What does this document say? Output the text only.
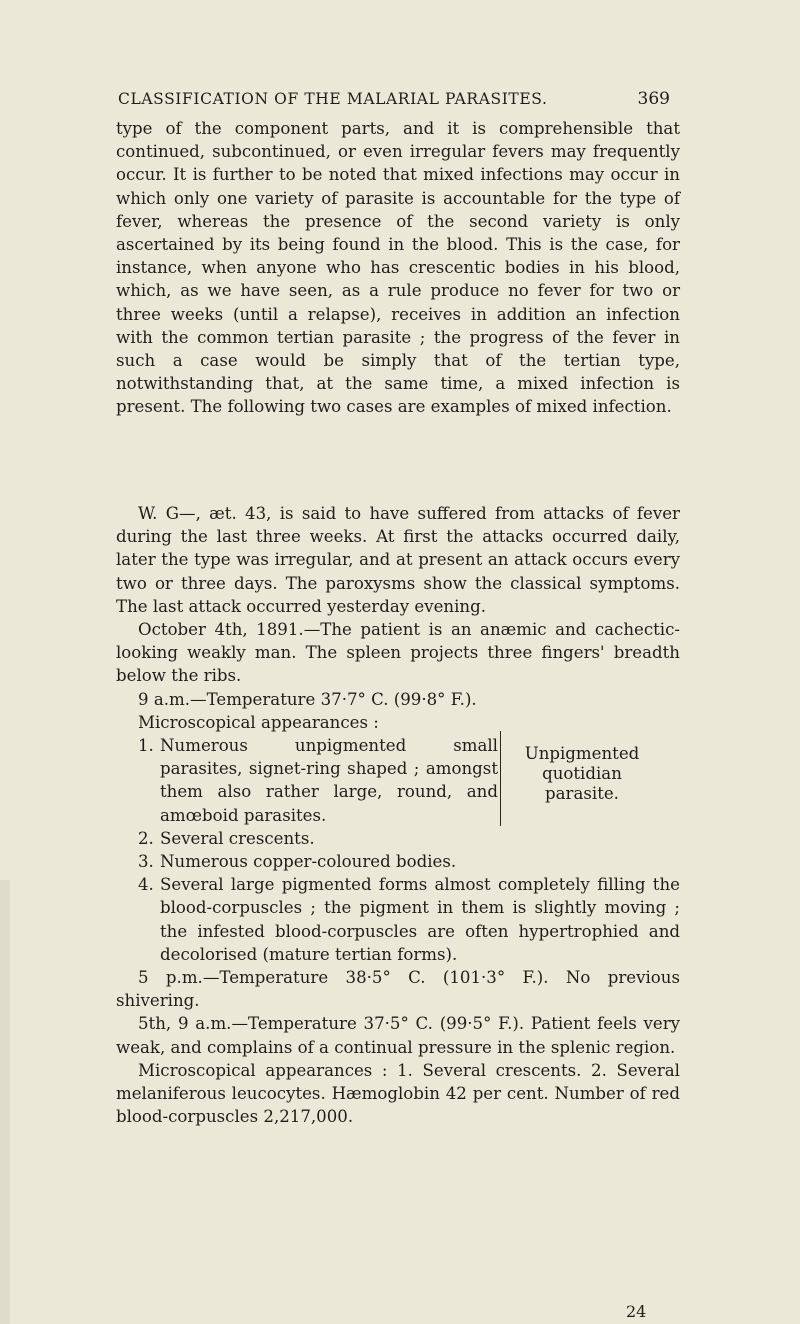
CLASSIFICATION OF THE MALARIAL PARASITES.	369

type of the component parts, and it is comprehensible that continued, subcontinued, or even irregular fevers may frequently occur. It is further to be noted that mixed infections may occur in which only one variety of parasite is accountable for the type of fever, whereas the presence of the second variety is only ascertained by its being found in the blood. This is the case, for instance, when anyone who has crescentic bodies in his blood, which, as we have seen, as a rule produce no fever for two or three weeks (until a relapse), receives in addition an infection with the common tertian parasite ; the progress of the fever in such a case would be simply that of the tertian type, notwithstanding that, at the same time, a mixed infection is present. The following two cases are examples of mixed infection.

W. G—, æt. 43, is said to have suffered from attacks of fever during the last three weeks. At first the attacks occurred daily, later the type was irregular, and at present an attack occurs every two or three days. The paroxysms show the classical symptoms. The last attack occurred yesterday evening.

October 4th, 1891.—The patient is an anæmic and cachectic-looking weakly man. The spleen projects three fingers' breadth below the ribs.

9 a.m.—Temperature 37·7° C. (99·8° F.).

Microscopical appearances :

1. Numerous unpigmented small parasites, signet-ring shaped ; amongst them also rather large, round, and amœboid parasites.
2. Several crescents.
3. Numerous copper-coloured bodies.
Unpigmented quotidian parasite.
4. Several large pigmented forms almost completely filling the blood-corpuscles ; the pigment in them is slightly moving ; the infested blood-corpuscles are often hypertrophied and decolorised (mature tertian forms).

5 p.m.—Temperature 38·5° C. (101·3° F.). No previous shivering.

5th, 9 a.m.—Temperature 37·5° C. (99·5° F.). Patient feels very weak, and complains of a continual pressure in the splenic region.

Microscopical appearances : 1. Several crescents. 2. Several melaniferous leucocytes. Hæmoglobin 42 per cent. Number of red blood-corpuscles 2,217,000.

24
